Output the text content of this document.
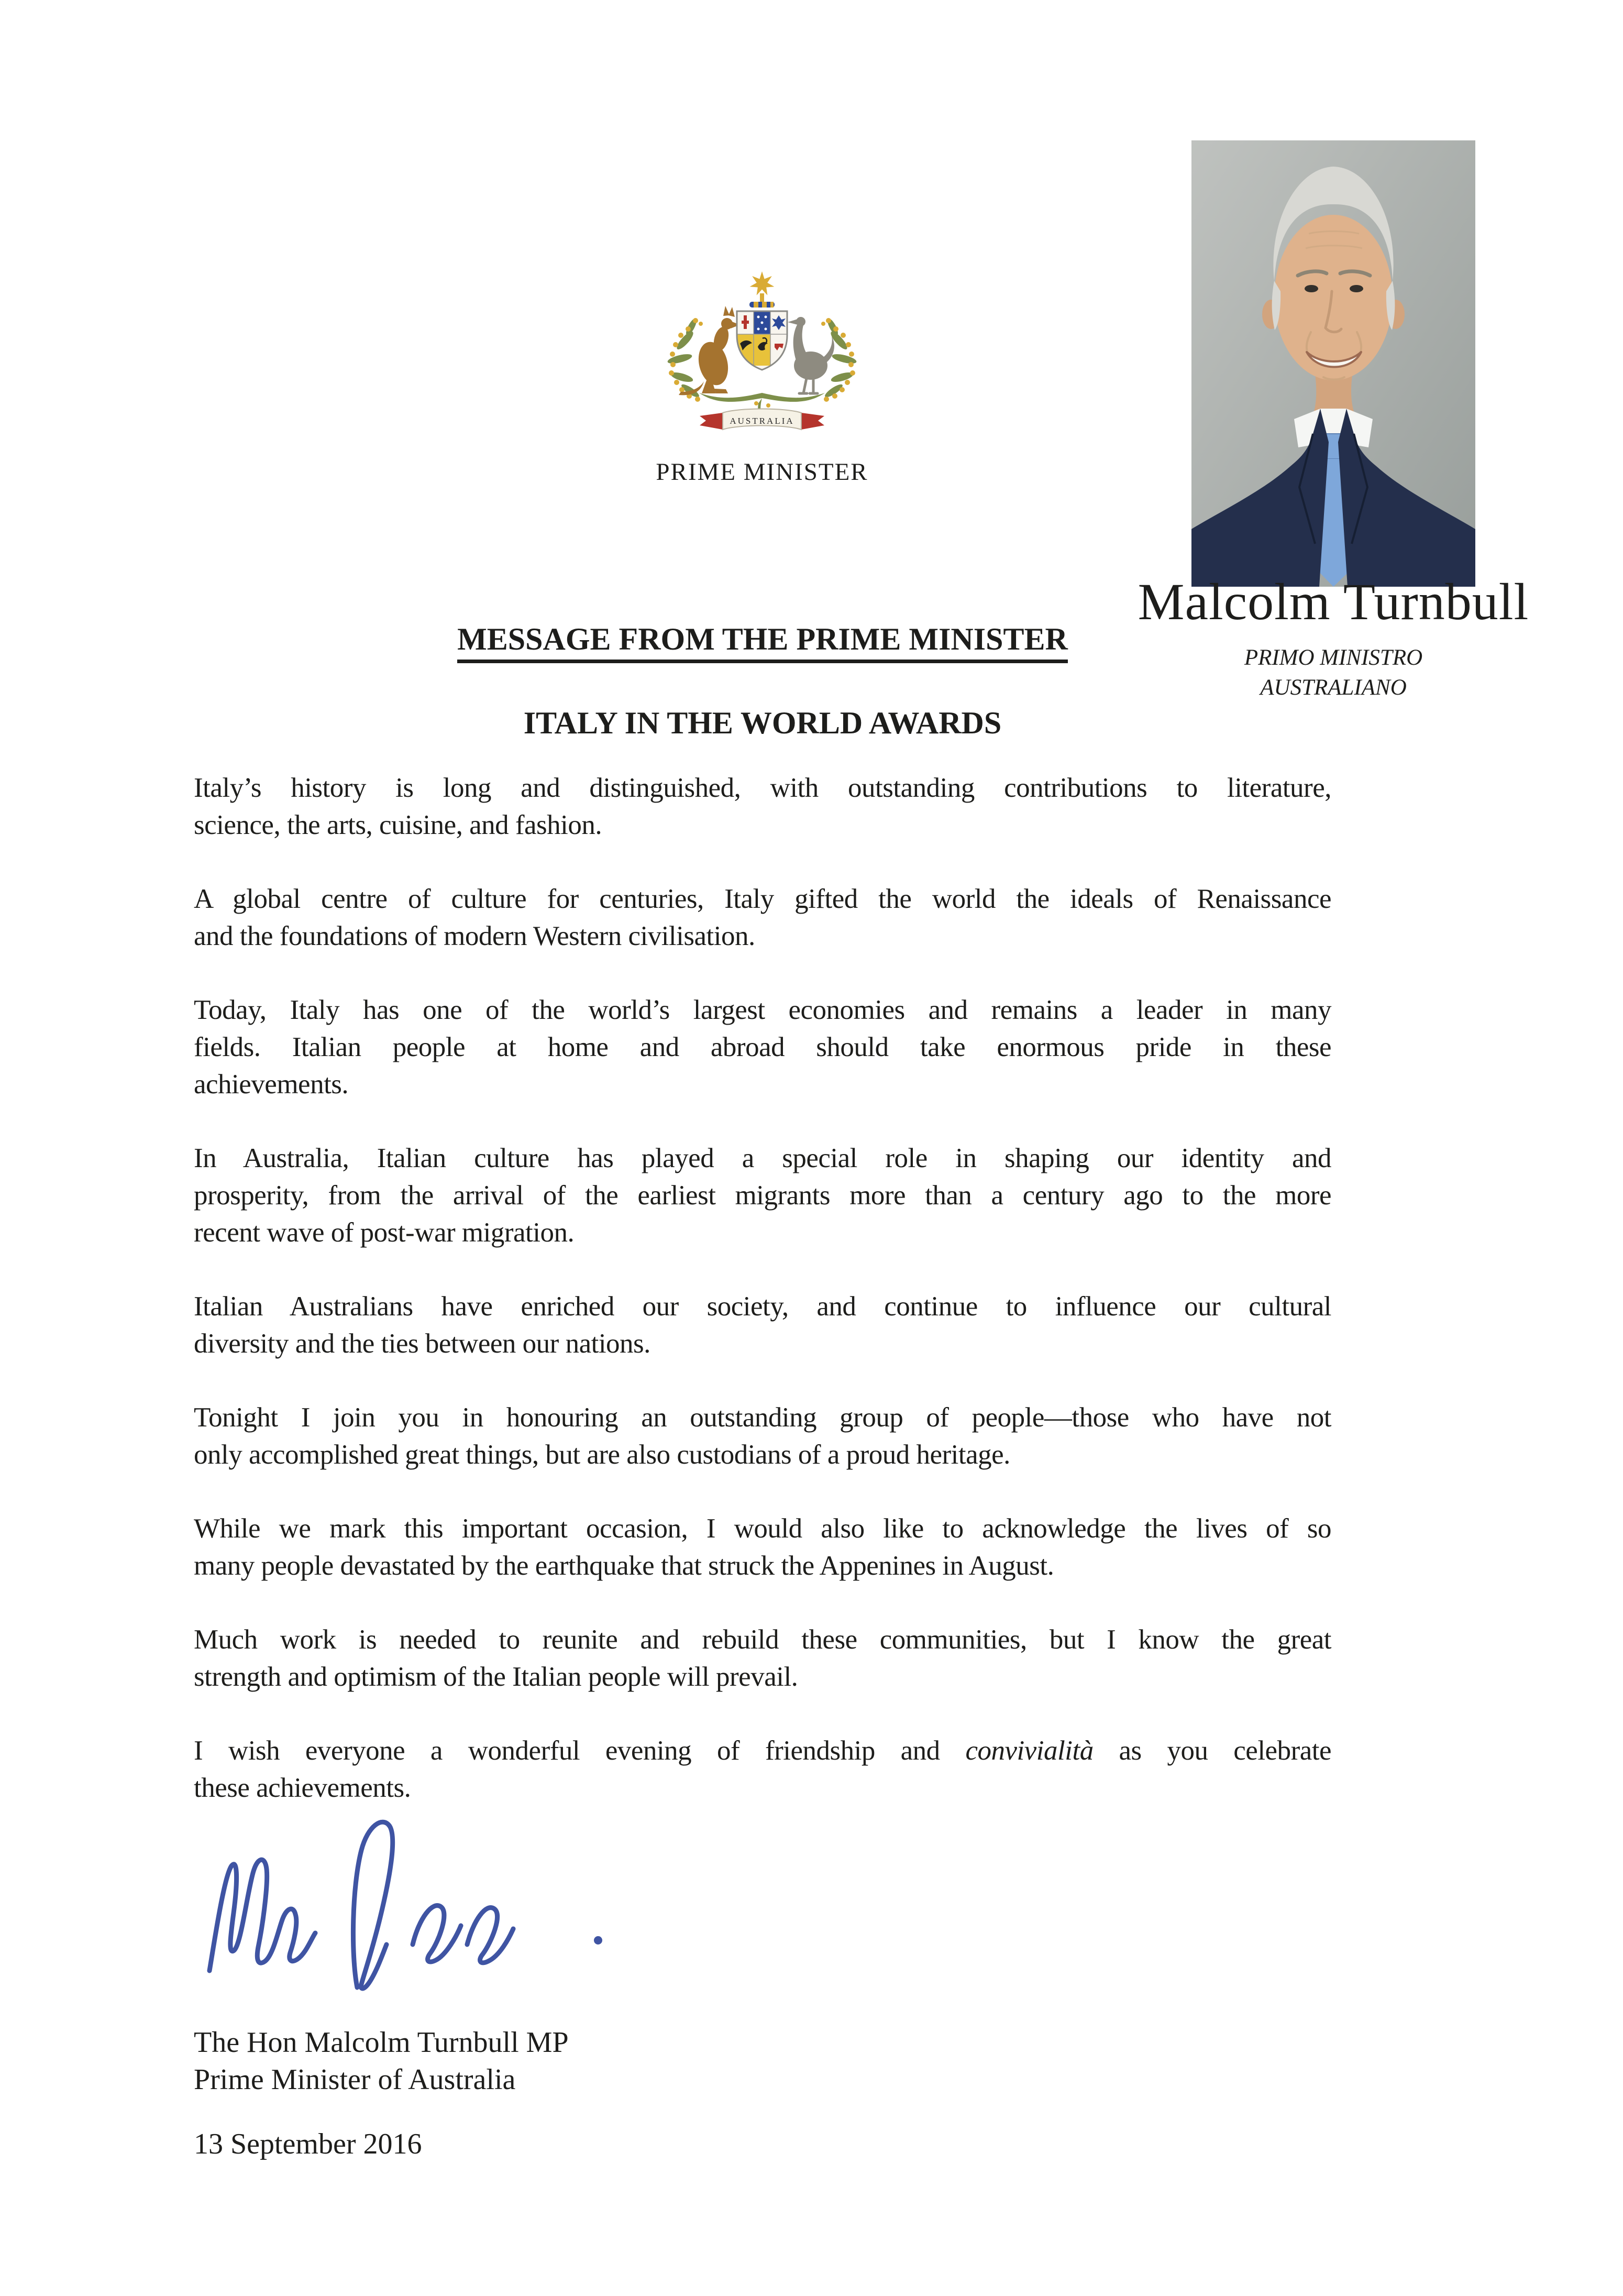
AUSTRALIA
PRIME MINISTER
Malcolm Turnbull
PRIMO MINISTRO
AUSTRALIANO
MESSAGE FROM THE PRIME MINISTER
ITALY IN THE WORLD AWARDS

Italy’s history is long and distinguished, with outstanding contributions to literature,
science, the arts, cuisine, and fashion.

A global centre of culture for centuries, Italy gifted the world the ideals of Renaissance
and the foundations of modern Western civilisation.

Today, Italy has one of the world’s largest economies and remains a leader in many
fields. Italian people at home and abroad should take enormous pride in these
achievements.

In Australia, Italian culture has played a special role in shaping our identity and
prosperity, from the arrival of the earliest migrants more than a century ago to the more
recent wave of post-war migration.

Italian Australians have enriched our society, and continue to influence our cultural
diversity and the ties between our nations.

Tonight I join you in honouring an outstanding group of people—those who have not
only accomplished great things, but are also custodians of a proud heritage.

While we mark this important occasion, I would also like to acknowledge the lives of so
many people devastated by the earthquake that struck the Appenines in August.

Much work is needed to reunite and rebuild these communities, but I know the great
strength and optimism of the Italian people will prevail.

I wish everyone a wonderful evening of friendship and convivialità as you celebrate
these achievements.

The Hon Malcolm Turnbull MP
Prime Minister of Australia
13 September 2016
